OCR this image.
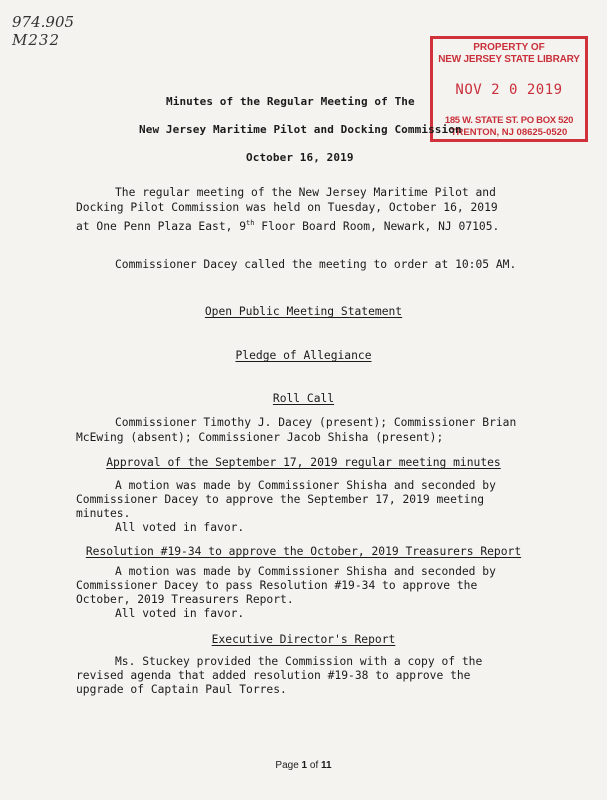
974.905
M232	PROPERTY OF
NEW JERSEY STATE LIBRARY
NOV 2 0 2019
185 W. STATE ST. PO BOX 520
TRENTON, NJ 08625-0520
Minutes of the Regular Meeting of The
New Jersey Maritime Pilot and Docking Commission
October 16, 2019
The regular meeting of the New Jersey Maritime Pilot and
Docking Pilot Commission was held on Tuesday, October 16, 2019
at One Penn Plaza East, 9th Floor Board Room, Newark, NJ 07105.
Commissioner Dacey called the meeting to order at 10:05 AM.
Open Public Meeting Statement
Pledge of Allegiance
Roll Call
Commissioner Timothy J. Dacey (present); Commissioner Brian
McEwing (absent); Commissioner Jacob Shisha (present);
Approval of the September 17, 2019 regular meeting minutes
A motion was made by Commissioner Shisha and seconded by
Commissioner Dacey to approve the September 17, 2019 meeting
minutes.
All voted in favor.
Resolution #19-34 to approve the October, 2019 Treasurers Report
A motion was made by Commissioner Shisha and seconded by
Commissioner Dacey to pass Resolution #19-34 to approve the
October, 2019 Treasurers Report.
All voted in favor.
Executive Director's Report
Ms. Stuckey provided the Commission with a copy of the
revised agenda that added resolution #19-38 to approve the
upgrade of Captain Paul Torres.
Page 1 of 11
